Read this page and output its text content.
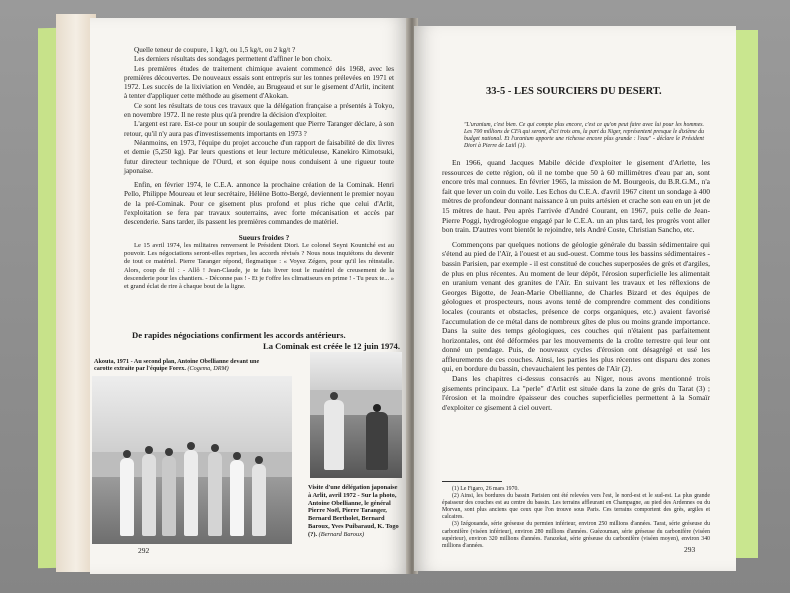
Quelle teneur de coupure, 1 kg/t, ou 1,5 kg/t, ou 2 kg/t ?

Les derniers résultats des sondages permettent d'affiner le bon choix.

Les premières études de traitement chimique avaient commencé dès 1968, avec les premières découvertes. De nouveaux essais sont entrepris sur les tonnes prélevées en 1971 et 1972. Les succès de la lixiviation en Vendée, au Brugeaud et sur le gisement d'Arlit, incitent à tenter d'appliquer cette méthode au gisement d'Akokan.

Ce sont les résultats de tous ces travaux que la délégation française a présentés à Tokyo, en novembre 1972. Il ne reste plus qu'à prendre la décision d'exploiter.

L'argent est rare. Est-ce pour un soupir de soulagement que Pierre Taranger déclare, à son retour, qu'il n'y aura pas d'investissements importants en 1973 ?

Néanmoins, en 1973, l'équipe du projet accouche d'un rapport de faisabilité de dix livres et demie (5,250 kg). Par leurs questions et leur lecture méticuleuse, Kanekiro Kimotsuki, futur directeur technique de l'Ourd, et son équipe nous conduisent à une rigueur toute japonaise.

Enfin, en février 1974, le C.E.A. annonce la prochaine création de la Cominak. Henri Pello, Philippe Moureau et leur secrétaire, Hélène Botto-Bergé, deviennent le premier noyau de la pré-Cominak. Pour ce gisement plus profond et plus riche que celui d'Arlit, l'exploitation se fera par travaux souterrains, avec forte mécanisation et accès par descenderie. Sans tarder, ils passent les premières commandes de matériel.

Sueurs froides ?

Le 15 avril 1974, les militaires renversent le Président Diori. Le colonel Seyni Kountché est au pouvoir. Les négociations seront-elles reprises, les accords révisés ? Nous nous inquiétons du devenir de tout ce matériel. Pierre Taranger répond, flegmatique : « Voyez Zégers, pour qu'il les réinstalle. Alors, coup de fil : - Allô ! Jean-Claude, je te fais livrer tout le matériel de creusement de la descenderie pour les chantiers. - Déconne pas ! - Et je t'offre les climatiseurs en prime ! - Tu peux te... » et grand éclat de rire à chaque bout de la ligne.

De rapides négociations confirment les accords antérieurs.
La Cominak est créée le 12 juin 1974.
Akouta, 1971 - Au second plan, Antoine Obellianne devant une carotte extraite par l'équipe Forex. (Cogema, DRM)
Visite d'une délégation japonaise à Arlit, avril 1972 - Sur la photo, Antoine Obellianne, le général Pierre Noël, Pierre Taranger, Bernard Bertholet, Bernard Baroux, Yves Puibaraud, K. Togo (?). (Bernard Baroux)
292
33-5 - LES SOURCIERS DU DESERT.
"L'uranium, c'est bien. Ce qui compte plus encore, c'est ce qu'on peut faire avec lui pour les hommes. Les 700 millions de CFA qui seront, d'ici trois ans, la part du Niger, représentent presque le dixième du budget national. Et l'uranium apporte une richesse encore plus grande : l'eau" - déclare le Président Diori à Pierre de Laiil (1).

En 1966, quand Jacques Mabile décide d'exploiter le gisement d'Arlette, les ressources de cette région, où il ne tombe que 50 à 60 millimètres d'eau par an, sont encore très mal connues. En février 1965, la mission de M. Bourgeois, du B.R.G.M., n'a fait que lever un coin du voile. Les Echos du C.E.A. d'avril 1967 citent un sondage à 400 mètres de profondeur donnant naissance à un puits artésien et crache son eau en un jet de 15 mètres de haut. Peu après l'arrivée d'André Courant, en 1967, puis celle de Jean-Pierre Poggi, hydrogéologue engagé par le C.E.A. un an plus tard, les progrès vont aller bon train. D'autres vont bientôt le rejoindre, tels André Coste, Christian Sancho, etc.

Commençons par quelques notions de géologie générale du bassin sédimentaire qui s'étend au pied de l'Aïr, à l'ouest et au sud-ouest. Comme tous les bassins sédimentaires - bassin Parisien, par exemple - il est constitué de couches superposées de grès et d'argiles, de plus en plus récentes. Au moment de leur dépôt, l'érosion superficielle les alimentait en uranium venant des granites de l'Aïr. En suivant les travaux et les réflexions de Georges Bigotte, de Jean-Marie Obellianne, de Charles Bizard et des équipes de géologues et prospecteurs, nous avons tenté de comprendre comment des conditions locales (courants et obstacles, présence de corps organiques, etc.) avaient favorisé l'accumulation de ce métal dans de nombreux gîtes de plus ou moins grande importance. Dans la suite des temps géologiques, ces couches qui n'étaient pas parfaitement horizontales, ont été déformées par les mouvements de la croûte terrestre qui leur ont donné un pendage. Puis, de nouveaux cycles d'érosion ont désagrégé et usé les affleurements de ces couches. Ainsi, les parties les plus récentes ont disparu des zones qui, en bordure du bassin, chevauchaient les pentes de l'Aïr (2).

Dans les chapitres ci-dessus consacrés au Niger, nous avons mentionné trois gisements principaux. La "perle" d'Arlit est située dans la zone de grès du Tarat (3) ; l'érosion et la moindre épaisseur des couches superficielles permettent à la Somaïr d'exploiter ce gisement à ciel ouvert.

(1) Le Figaro, 26 mars 1970.

(2) Ainsi, les bordures du bassin Parisien ont été relevées vers l'est, le nord-est et le sud-est. La plus grande épaisseur des couches est au centre du bassin. Les terrains affleurant en Champagne, au pied des Ardennes ou du Morvan, sont plus anciens que ceux que l'on trouve sous Paris. Ces terrains comportent des grès, argiles et calcaires.

(3) Izégouanda, série gréseuse du permien inférieur, environ 250 millions d'années. Tarat, série gréseuse du carbonifère (viséen inférieur), environ 280 millions d'années. Guézouman, série gréseuse du carbonifère (viséen supérieur), environ 320 millions d'années. Farazekat, série gréseuse du carbonifère (viséen moyen), environ 340 millions d'années.	293
